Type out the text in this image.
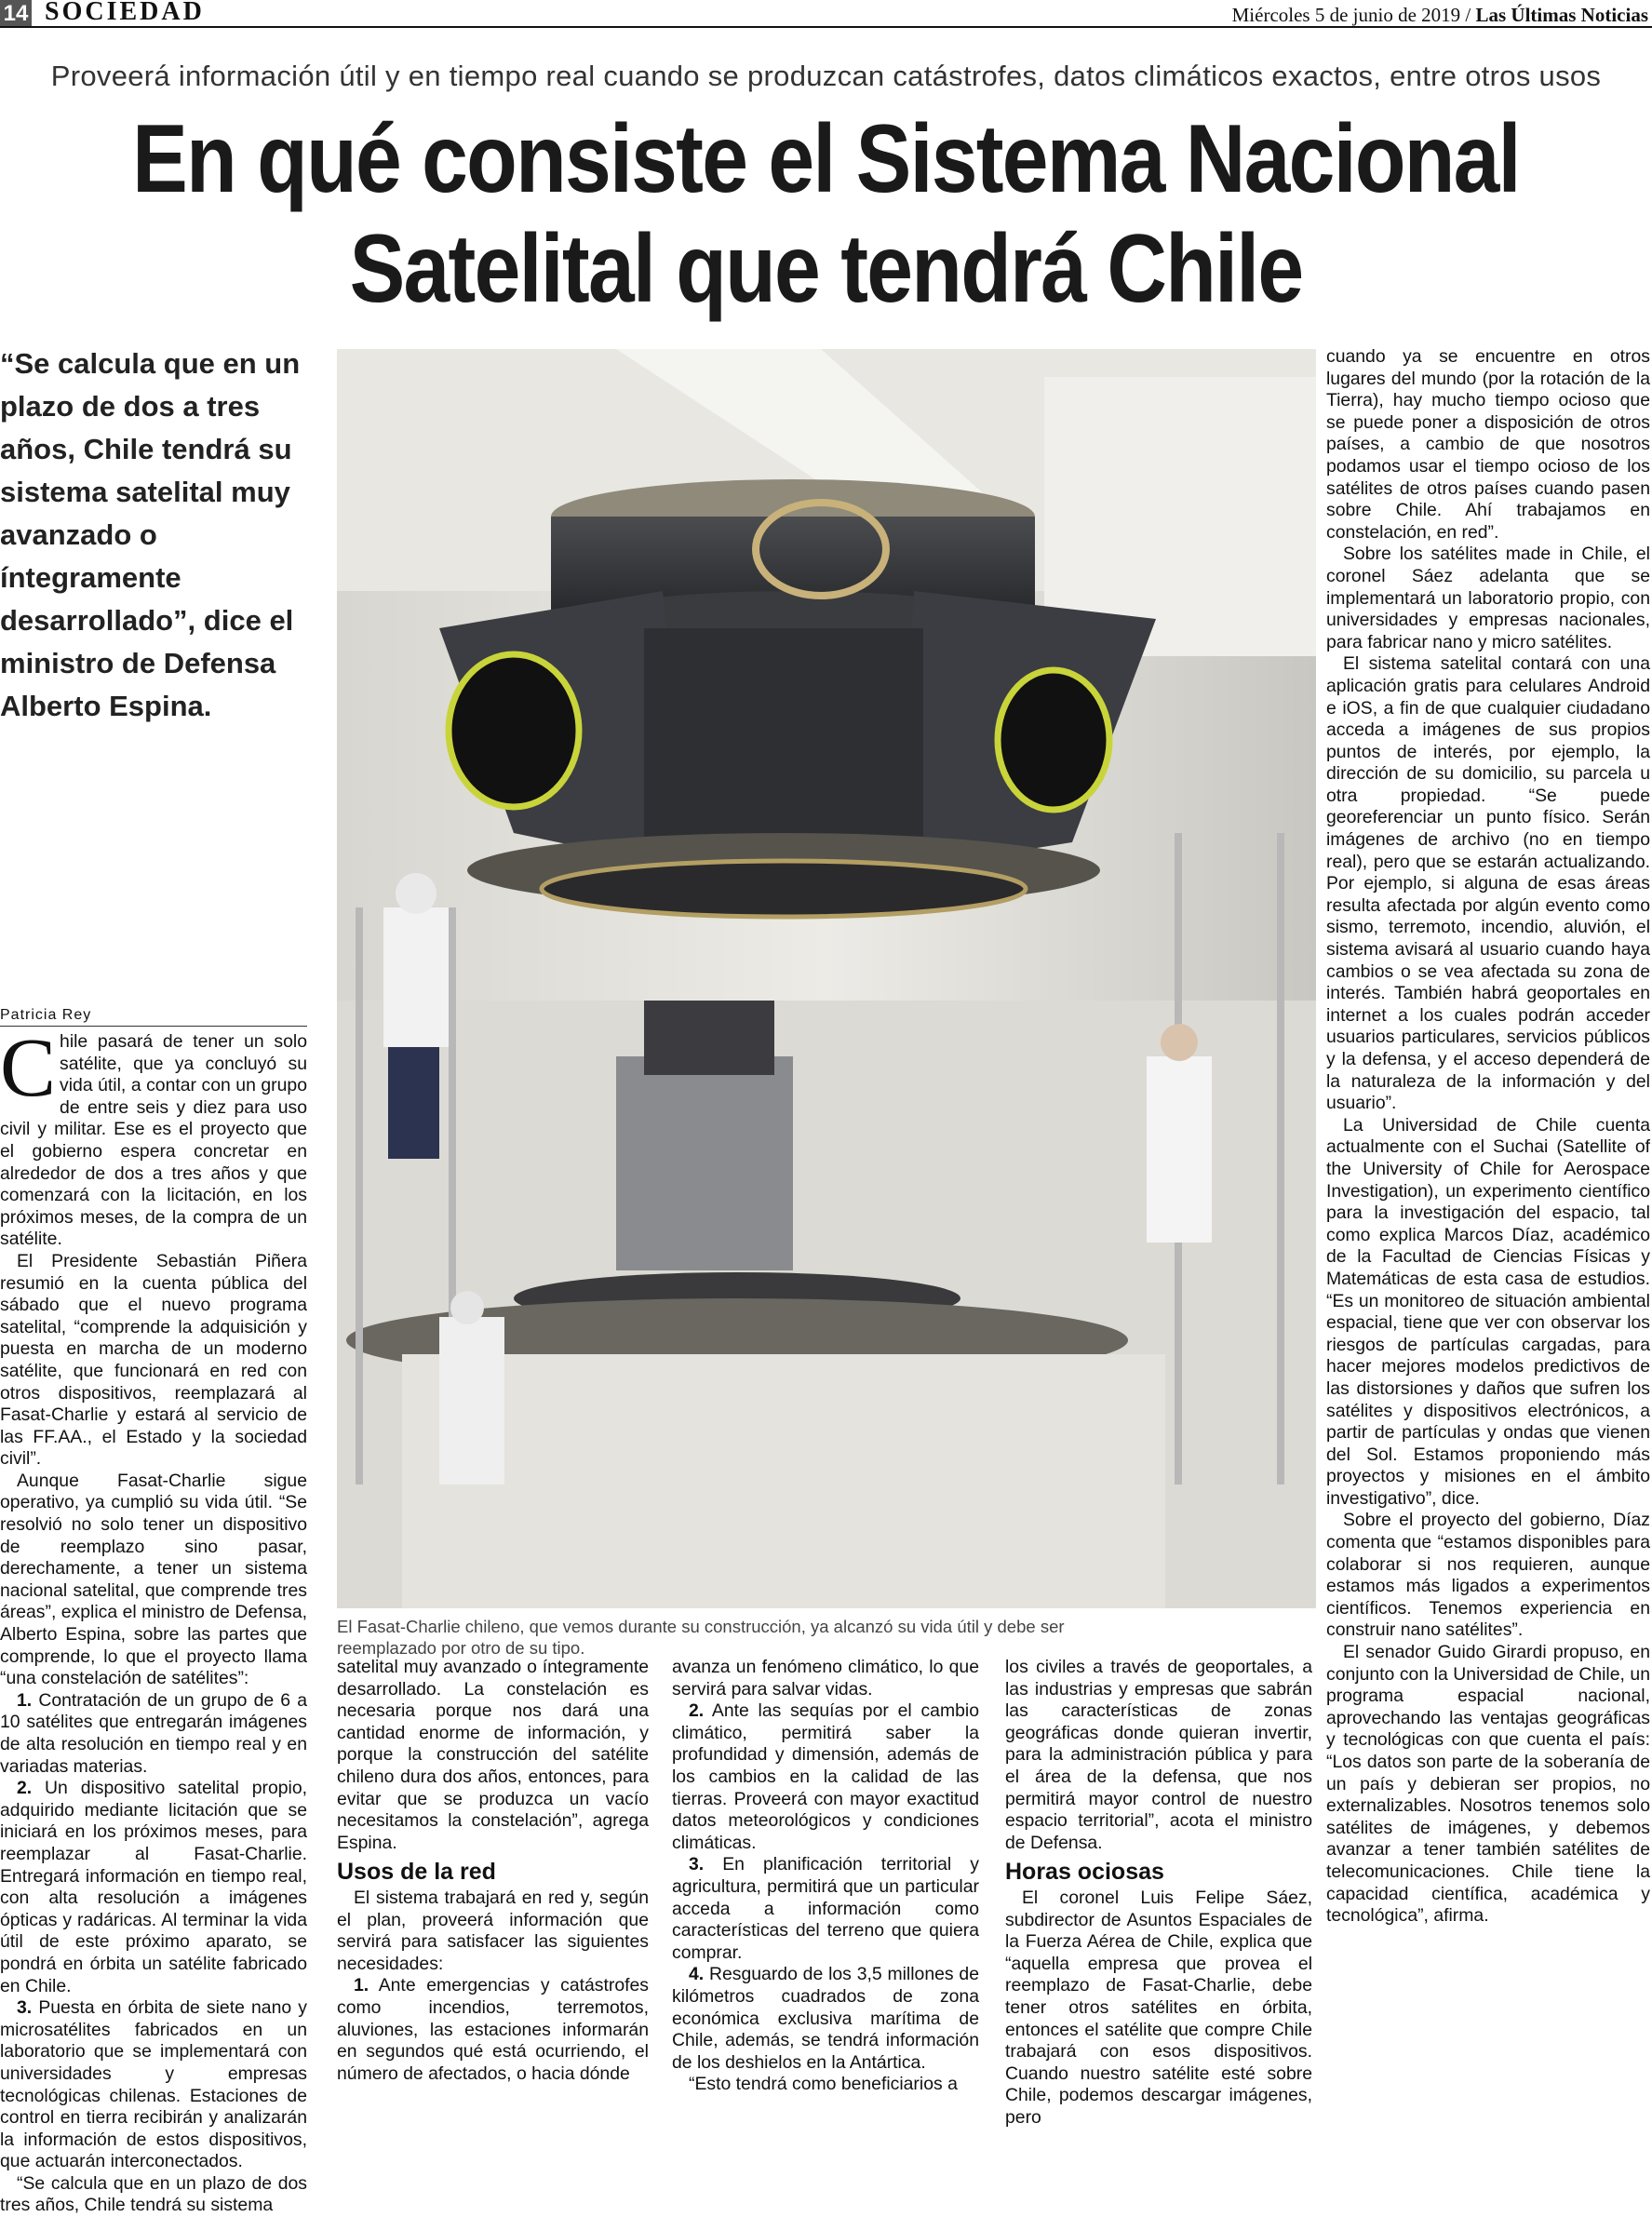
14 SOCIEDAD	Miércoles 5 de junio de 2019 / Las Últimas Noticias
Proveerá información útil y en tiempo real cuando se produzcan catástrofes, datos climáticos exactos, entre otros usos
En qué consiste el Sistema Nacional
Satelital que tendrá Chile
“Se calcula que en un plazo de dos a tres años, Chile tendrá su sistema satelital muy avanzado o íntegramente desarrollado”, dice el ministro de Defensa Alberto Espina.
Patricia Rey

Chile pasará de tener un solo satélite, que ya concluyó su vida útil, a contar con un grupo de entre seis y diez para uso civil y militar. Ese es el proyecto que el gobierno espera concretar en alrededor de dos a tres años y que comenzará con la licitación, en los próximos meses, de la compra de un satélite.

El Presidente Sebastián Piñera resumió en la cuenta pública del sábado que el nuevo programa satelital, “comprende la adquisición y puesta en marcha de un moderno satélite, que funcionará en red con otros dispositivos, reemplazará al Fasat-Charlie y estará al servicio de las FF.AA., el Estado y la sociedad civil”.

Aunque Fasat-Charlie sigue operativo, ya cumplió su vida útil. “Se resolvió no solo tener un dispositivo de reemplazo sino pasar, derechamente, a tener un sistema nacional satelital, que comprende tres áreas”, explica el ministro de Defensa, Alberto Espina, sobre las partes que comprende, lo que el proyecto llama “una constelación de satélites”:

1. Contratación de un grupo de 6 a 10 satélites que entregarán imágenes de alta resolución en tiempo real y en variadas materias.

2. Un dispositivo satelital propio, adquirido mediante licitación que se iniciará en los próximos meses, para reemplazar al Fasat-Charlie. Entregará información en tiempo real, con alta resolución a imágenes ópticas y radáricas. Al terminar la vida útil de este próximo aparato, se pondrá en órbita un satélite fabricado en Chile.

3. Puesta en órbita de siete nano y microsatélites fabricados en un laboratorio que se implementará con universidades y empresas tecnológicas chilenas. Estaciones de control en tierra recibirán y analizarán la información de estos dispositivos, que actuarán interconectados.

“Se calcula que en un plazo de dos tres años, Chile tendrá su sistema

El Fasat-Charlie chileno, que vemos durante su construcción, ya alcanzó su vida útil y debe ser reemplazado por otro de su tipo.

satelital muy avanzado o íntegramente desarrollado. La constelación es necesaria porque nos dará una cantidad enorme de información, y porque la construcción del satélite chileno dura dos años, entonces, para evitar que se produzca un vacío necesitamos la constelación”, agrega Espina.

Usos de la red

El sistema trabajará en red y, según el plan, proveerá información que servirá para satisfacer las siguientes necesidades:

1. Ante emergencias y catástrofes como incendios, terremotos, aluviones, las estaciones informarán en segundos qué está ocurriendo, el número de afectados, o hacia dónde

avanza un fenómeno climático, lo que servirá para salvar vidas.

2. Ante las sequías por el cambio climático, permitirá saber la profundidad y dimensión, además de los cambios en la calidad de las tierras. Proveerá con mayor exactitud datos meteorológicos y condiciones climáticas.

3. En planificación territorial y agricultura, permitirá que un particular acceda a información como características del terreno que quiera comprar.

4. Resguardo de los 3,5 millones de kilómetros cuadrados de zona económica exclusiva marítima de Chile, además, se tendrá información de los deshielos en la Antártica.

“Esto tendrá como beneficiarios a

los civiles a través de geoportales, a las industrias y empresas que sabrán las características de zonas geográficas donde quieran invertir, para la administración pública y para el área de la defensa, que nos permitirá mayor control de nuestro espacio territorial”, acota el ministro de Defensa.

Horas ociosas

El coronel Luis Felipe Sáez, subdirector de Asuntos Espaciales de la Fuerza Aérea de Chile, explica que “aquella empresa que provea el reemplazo de Fasat-Charlie, debe tener otros satélites en órbita, entonces el satélite que compre Chile trabajará con esos dispositivos. Cuando nuestro satélite esté sobre Chile, podemos descargar imágenes, pero

cuando ya se encuentre en otros lugares del mundo (por la rotación de la Tierra), hay mucho tiempo ocioso que se puede poner a disposición de otros países, a cambio de que nosotros podamos usar el tiempo ocioso de los satélites de otros países cuando pasen sobre Chile. Ahí trabajamos en constelación, en red”.

Sobre los satélites made in Chile, el coronel Sáez adelanta que se implementará un laboratorio propio, con universidades y empresas nacionales, para fabricar nano y micro satélites.

El sistema satelital contará con una aplicación gratis para celulares Android e iOS, a fin de que cualquier ciudadano acceda a imágenes de sus propios puntos de interés, por ejemplo, la dirección de su domicilio, su parcela u otra propiedad. “Se puede georeferenciar un punto físico. Serán imágenes de archivo (no en tiempo real), pero que se estarán actualizando. Por ejemplo, si alguna de esas áreas resulta afectada por algún evento como sismo, terremoto, incendio, aluvión, el sistema avisará al usuario cuando haya cambios o se vea afectada su zona de interés. También habrá geoportales en internet a los cuales podrán acceder usuarios particulares, servicios públicos y la defensa, y el acceso dependerá de la naturaleza de la información y del usuario”.

La Universidad de Chile cuenta actualmente con el Suchai (Satellite of the University of Chile for Aerospace Investigation), un experimento científico para la investigación del espacio, tal como explica Marcos Díaz, académico de la Facultad de Ciencias Físicas y Matemáticas de esta casa de estudios. “Es un monitoreo de situación ambiental espacial, tiene que ver con observar los riesgos de partículas cargadas, para hacer mejores modelos predictivos de las distorsiones y daños que sufren los satélites y dispositivos electrónicos, a partir de partículas y ondas que vienen del Sol. Estamos proponiendo más proyectos y misiones en el ámbito investigativo”, dice.

Sobre el proyecto del gobierno, Díaz comenta que “estamos disponibles para colaborar si nos requieren, aunque estamos más ligados a experimentos científicos. Tenemos experiencia en construir nano satélites”.

El senador Guido Girardi propuso, en conjunto con la Universidad de Chile, un programa espacial nacional, aprovechando las ventajas geográficas y tecnológicas con que cuenta el país: “Los datos son parte de la soberanía de un país y debieran ser propios, no externalizables. Nosotros tenemos solo satélites de imágenes, y debemos avanzar a tener también satélites de telecomunicaciones. Chile tiene la capacidad científica, académica y tecnológica”, afirma.
